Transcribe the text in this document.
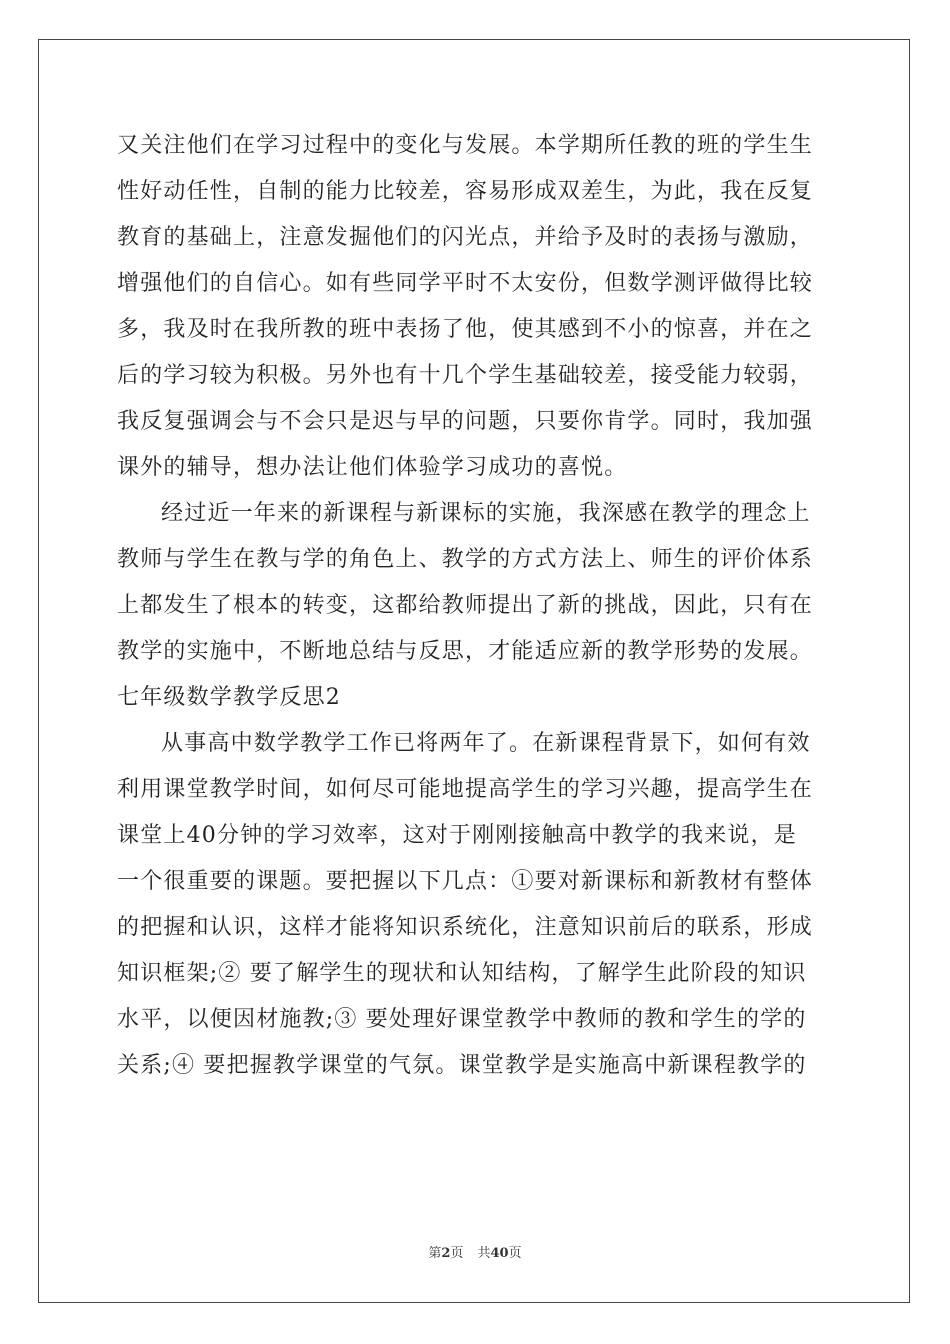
又关注他们在学习过程中的变化与发展。本学期所任教的班的学生生
性好动任性，自制的能力比较差，容易形成双差生，为此，我在反复
教育的基础上，注意发掘他们的闪光点，并给予及时的表扬与激励，
增强他们的自信心。如有些同学平时不太安份，但数学测评做得比较
多，我及时在我所教的班中表扬了他，使其感到不小的惊喜，并在之
后的学习较为积极。另外也有十几个学生基础较差，接受能力较弱，
我反复强调会与不会只是迟与早的问题，只要你肯学。同时，我加强
课外的辅导，想办法让他们体验学习成功的喜悦。
经过近一年来的新课程与新课标的实施，我深感在教学的理念上
教师与学生在教与学的角色上、教学的方式方法上、师生的评价体系
上都发生了根本的转变，这都给教师提出了新的挑战，因此，只有在
教学的实施中，不断地总结与反思，才能适应新的教学形势的发展。
七年级数学教学反思2
从事高中数学教学工作已将两年了。在新课程背景下，如何有效
利用课堂教学时间，如何尽可能地提高学生的学习兴趣，提高学生在
课堂上40分钟的学习效率，这对于刚刚接触高中教学的我来说，是
一个很重要的课题。要把握以下几点：①要对新课标和新教材有整体
的把握和认识，这样才能将知识系统化，注意知识前后的联系，形成
知识框架;② 要了解学生的现状和认知结构，了解学生此阶段的知识
水平，以便因材施教;③ 要处理好课堂教学中教师的教和学生的学的
关系;④ 要把握教学课堂的气氛。课堂教学是实施高中新课程教学的
第2页 共40页
